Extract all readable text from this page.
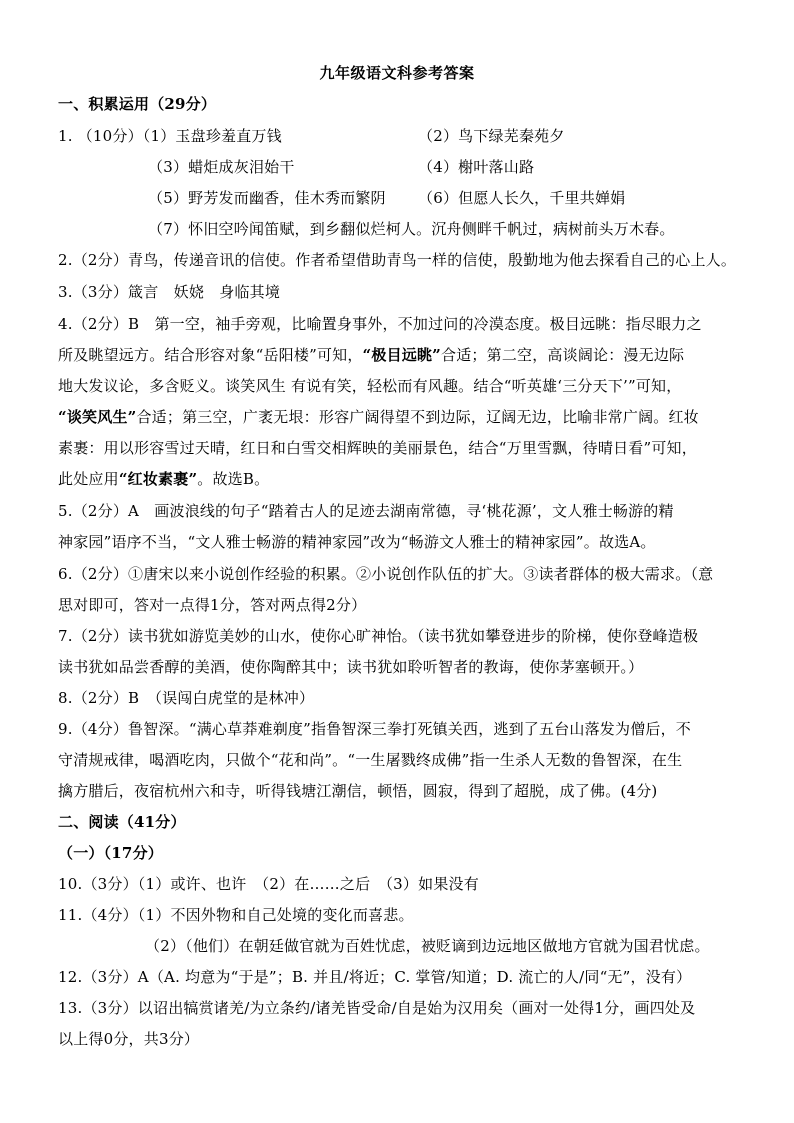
九年级语文科参考答案
一、积累运用（29分）
1. （10分）（1）玉盘珍羞直万钱	（2）鸟下绿芜秦苑夕
（3）蜡炬成灰泪始干	（4）榭叶落山路
（5）野芳发而幽香，佳木秀而繁阴	（6）但愿人长久，千里共婵娟
（7）怀旧空吟闻笛赋，到乡翻似烂柯人。沉舟侧畔千帆过，病树前头万木春。
2.（2分）青鸟，传递音讯的信使。作者希望借助青鸟一样的信使，殷勤地为他去探看自己的心上人。
3.（3分）箴言　妖娆　身临其境
4.（2分）B　第一空，袖手旁观，比喻置身事外，不加过问的冷漠态度。极目远眺：指尽眼力之
所及眺望远方。结合形容对象“岳阳楼”可知，“极目远眺”合适；第二空，高谈阔论：漫无边际
地大发议论，多含贬义。谈笑风生 有说有笑，轻松而有风趣。结合“听英雄‘三分天下’”可知，
“谈笑风生”合适；第三空，广袤无垠：形容广阔得望不到边际，辽阔无边，比喻非常广阔。红妆
素裹：用以形容雪过天晴，红日和白雪交相辉映的美丽景色，结合“万里雪飘，待晴日看”可知，
此处应用“红妆素裹”。故选B。
5.（2分）A　画波浪线的句子“踏着古人的足迹去湖南常德，寻‘桃花源’，文人雅士畅游的精
神家园”语序不当，“文人雅士畅游的精神家园”改为“畅游文人雅士的精神家园”。故选A。
6.（2分）①唐宋以来小说创作经验的积累。②小说创作队伍的扩大。③读者群体的极大需求。（意
思对即可，答对一点得1分，答对两点得2分）
7.（2分）读书犹如游览美妙的山水，使你心旷神怡。（读书犹如攀登进步的阶梯，使你登峰造极
读书犹如品尝香醇的美酒，使你陶醉其中；读书犹如聆听智者的教诲，使你茅塞顿开。）
8.（2分）B　（误闯白虎堂的是林冲）
9.（4分）鲁智深。“满心草莽难剃度”指鲁智深三拳打死镇关西，逃到了五台山落发为僧后，不
守清规戒律，喝酒吃肉，只做个“花和尚”。“一生屠戮终成佛”指一生杀人无数的鲁智深，在生
擒方腊后，夜宿杭州六和寺，听得钱塘江潮信，顿悟，圆寂，得到了超脱，成了佛。(4分)
二、阅读（41分）
（一）（17分）
10.（3分）（1）或许、也许　（2）在……之后　（3）如果没有
11.（4分）（1）不因外物和自己处境的变化而喜悲。
（2）（他们）在朝廷做官就为百姓忧虑，被贬谪到边远地区做地方官就为国君忧虑。
12.（3分）A（A. 均意为“于是”；B. 并且/将近；C. 掌管/知道；D. 流亡的人/同“无”，没有）
13.（3分）以诏出犒赏诸羌/为立条约/诸羌皆受命/自是始为汉用矣（画对一处得1分，画四处及
以上得0分，共3分）
